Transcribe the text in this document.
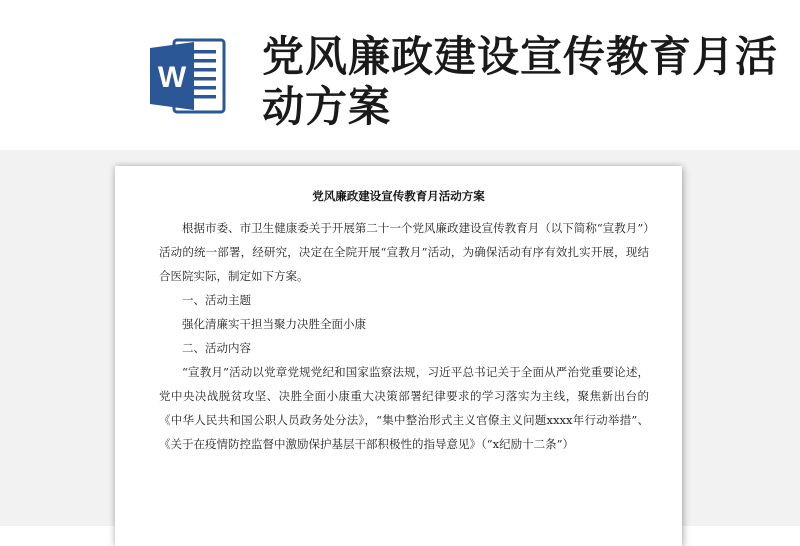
W 党风廉政建设宣传教育月活动方案
党风廉政建设宣传教育月活动方案

根据市委、市卫生健康委关于开展第二十一个党风廉政建设宣传教育月（以下简称“宣教月”）活动的统一部署，经研究，决定在全院开展“宣教月”活动，为确保活动有序有效扎实开展，现结合医院实际，制定如下方案。

一、活动主题

强化清廉实干担当聚力决胜全面小康

二、活动内容

“宣教月”活动以党章党规党纪和国家监察法规，习近平总书记关于全面从严治党重要论述，党中央决战脱贫攻坚、决胜全面小康重大决策部署纪律要求的学习落实为主线，聚焦新出台的《中华人民共和国公职人员政务处分法》，“集中整治形式主义官僚主义问题xxxx年行动举措”、《关于在疫情防控监督中激励保护基层干部积极性的指导意见》（“x纪励十二条”）
